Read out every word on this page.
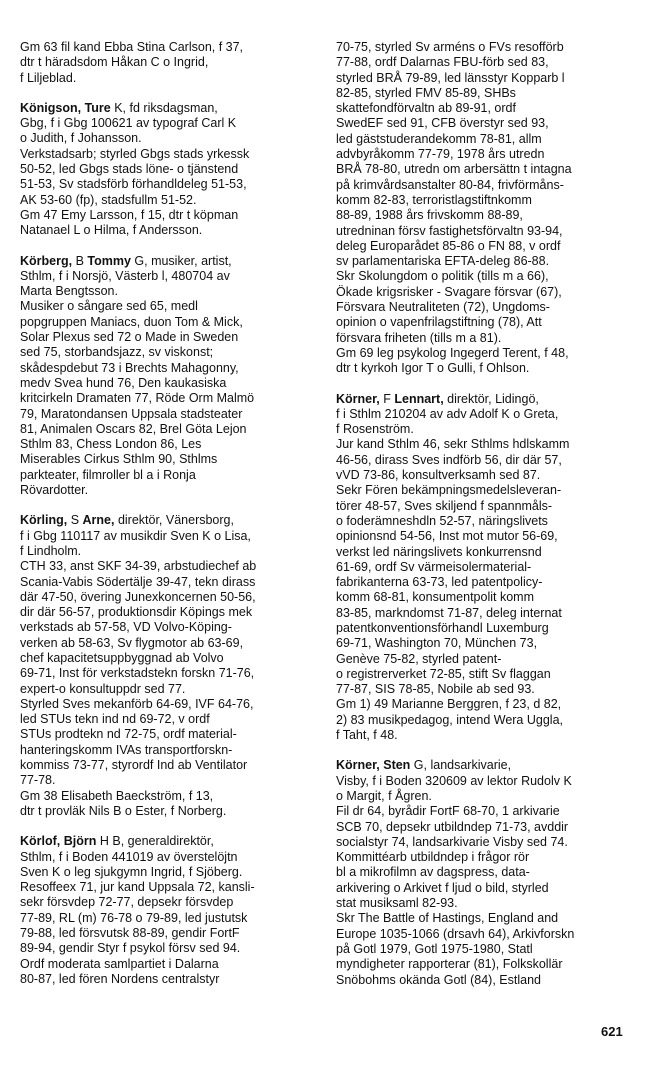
Gm 63 fil kand Ebba Stina Carlson, f 37,
dtr t häradsdom Håkan C o Ingrid,
f Liljeblad.
Königson, Ture K, fd riksdagsman,
Gbg, f i Gbg 100621 av typograf Carl K
o Judith, f Johansson.
Verkstadsarb; styrled Gbgs stads yrkessk
50-52, led Gbgs stads löne- o tjänstend
51-53, Sv stadsförb förhandldeleg 51-53,
AK 53-60 (fp), stadsfullm 51-52.
Gm 47 Emy Larsson, f 15, dtr t köpman
Natanael L o Hilma, f Andersson.
Körberg, B Tommy G, musiker, artist,
Sthlm, f i Norsjö, Västerb l, 480704 av
Marta Bengtsson.
Musiker o sångare sed 65, medl
popgruppen Maniacs, duon Tom & Mick,
Solar Plexus sed 72 o Made in Sweden
sed 75, storbandsjazz, sv viskonst;
skådespdebut 73 i Brechts Mahagonny,
medv Svea hund 76, Den kaukasiska
kritcirkeln Dramaten 77, Röde Orm Malmö
79, Maratondansen Uppsala stadsteater
81, Animalen Oscars 82, Brel Göta Lejon
Sthlm 83, Chess London 86, Les
Miserables Cirkus Sthlm 90, Sthlms
parkteater, filmroller bl a i Ronja
Rövardotter.
Körling, S Arne, direktör, Vänersborg,
f i Gbg 110117 av musikdir Sven K o Lisa,
f Lindholm.
CTH 33, anst SKF 34-39, arbstudiechef ab
Scania-Vabis Södertälje 39-47, tekn dirass
där 47-50, övering Junexkoncernen 50-56,
dir där 56-57, produktionsdir Köpings mek
verkstads ab 57-58, VD Volvo-Köping-
verken ab 58-63, Sv flygmotor ab 63-69,
chef kapacitetsuppbyggnad ab Volvo
69-71, Inst för verkstadstekn forskn 71-76,
expert-o konsultuppdr sed 77.
Styrled Sves mekanförb 64-69, IVF 64-76,
led STUs tekn ind nd 69-72, v ordf
STUs prodtekn nd 72-75, ordf material-
hanteringskomm IVAs transportforskn-
kommiss 73-77, styrordf Ind ab Ventilator
77-78.
Gm 38 Elisabeth Baeckström, f 13,
dtr t provläk Nils B o Ester, f Norberg.
Körlof, Björn H B, generaldirektör,
Sthlm, f i Boden 441019 av överstelöjtn
Sven K o leg sjukgymn Ingrid, f Sjöberg.
Resoffeex 71, jur kand Uppsala 72, kansli-
sekr försvdep 72-77, depsekr försvdep
77-89, RL (m) 76-78 o 79-89, led justutsk
79-88, led försvutsk 88-89, gendir FortF
89-94, gendir Styr f psykol försv sed 94.
Ordf moderata samlpartiet i Dalarna
80-87, led fören Nordens centralstyr
70-75, styrled Sv arméns o FVs resofförb
77-88, ordf Dalarnas FBU-förb sed 83,
styrled BRÅ 79-89, led länsstyr Kopparb l
82-85, styrled FMV 85-89, SHBs
skattefondförvaltn ab 89-91, ordf
SwedEF sed 91, CFB överstyr sed 93,
led gäststuderandekomm 78-81, allm
advbyråkomm 77-79, 1978 års utredn
BRÅ 78-80, utredn om arbersättn t intagna
på krimvårdsanstalter 80-84, frivförmåns-
komm 82-83, terroristlagstiftnkomm
88-89, 1988 års frivskomm 88-89,
utredninan försv fastighetsförvaltn 93-94,
deleg Europarådet 85-86 o FN 88, v ordf
sv parlamentariska EFTA-deleg 86-88.
Skr Skolungdom o politik (tills m a 66),
Ökade krigsrisker - Svagare försvar (67),
Försvara Neutraliteten (72), Ungdoms-
opinion o vapenfrilagstiftning (78), Att
försvara friheten (tills m a 81).
Gm 69 leg psykolog Ingegerd Terent, f 48,
dtr t kyrkoh Igor T o Gulli, f Ohlson.
Körner, F Lennart, direktör, Lidingö,
f i Sthlm 210204 av adv Adolf K o Greta,
f Rosenström.
Jur kand Sthlm 46, sekr Sthlms hdlskamm
46-56, dirass Sves indförb 56, dir där 57,
vVD 73-86, konsultverksamh sed 87.
Sekr Fören bekämpningsmedelsleveran-
törer 48-57, Sves skiljend f spannmåls-
o foderämneshdln 52-57, näringslivets
opinionsnd 54-56, Inst mot mutor 56-69,
verkst led näringslivets konkurrensnd
61-69, ordf Sv värmeisolermaterial-
fabrikanterna 63-73, led patentpolicy-
komm 68-81, konsumentpolit komm
83-85, markndomst 71-87, deleg internat
patentkonventionsförhandl Luxemburg
69-71, Washington 70, München 73,
Genève 75-82, styrled patent-
o registrerverket 72-85, stift Sv flaggan
77-87, SIS 78-85, Nobile ab sed 93.
Gm 1) 49 Marianne Berggren, f 23, d 82,
2) 83 musikpedagog, intend Wera Uggla,
f Taht, f 48.
Körner, Sten G, landsarkivarie,
Visby, f i Boden 320609 av lektor Rudolv K
o Margit, f Ågren.
Fil dr 64, byrådir FortF 68-70, 1 arkivarie
SCB 70, depsekr utbildndep 71-73, avddir
socialstyr 74, landsarkivarie Visby sed 74.
Kommittéarb utbildndep i frågor rör
bl a mikrofilmn av dagspress, data-
arkivering o Arkivet f ljud o bild, styrled
stat musiksaml 82-93.
Skr The Battle of Hastings, England and
Europe 1035-1066 (drsavh 64), Arkivforskn
på Gotl 1979, Gotl 1975-1980, Statl
myndigheter rapporterar (81), Folkskollär
Snöbohms okända Gotl (84), Estland
621
